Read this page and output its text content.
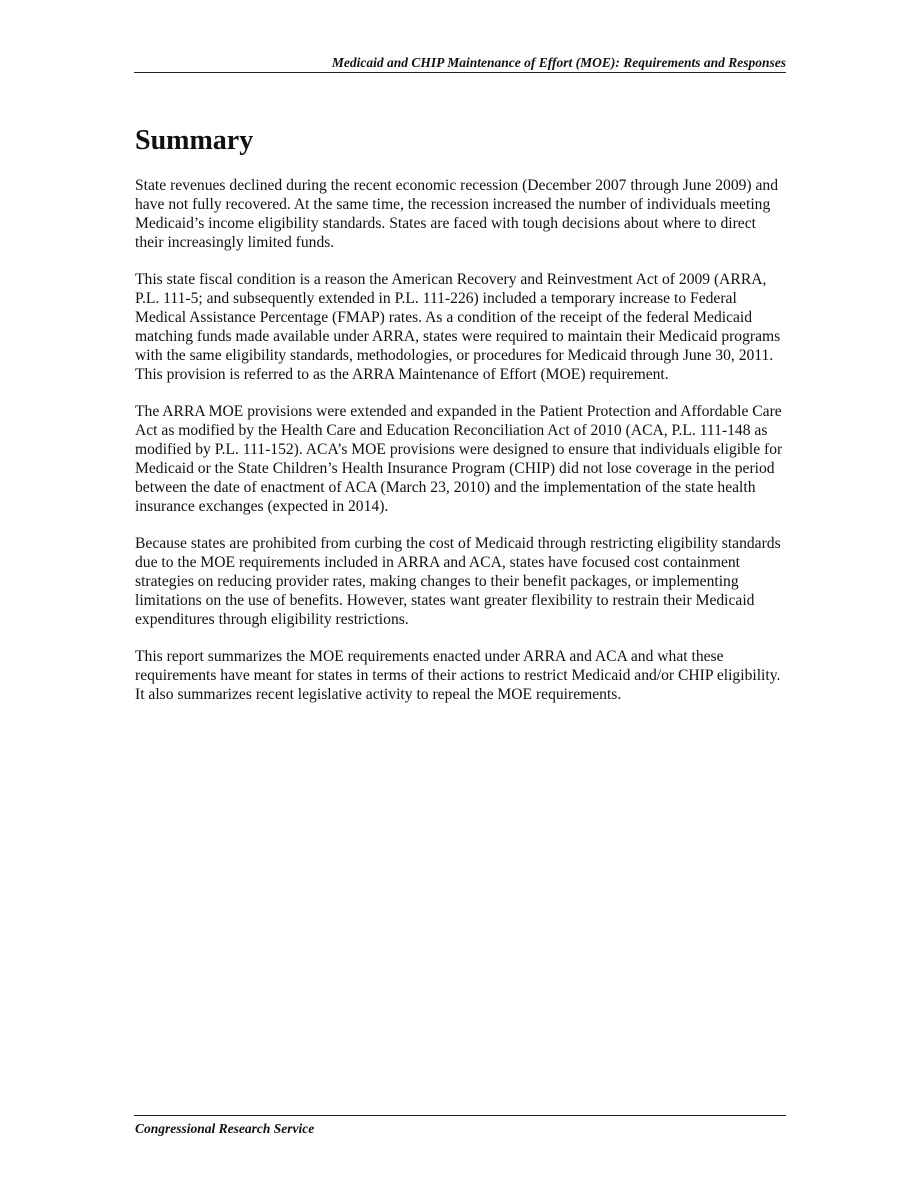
Medicaid and CHIP Maintenance of Effort (MOE): Requirements and Responses
Summary

State revenues declined during the recent economic recession (December 2007 through June 2009) and have not fully recovered. At the same time, the recession increased the number of individuals meeting Medicaid’s income eligibility standards. States are faced with tough decisions about where to direct their increasingly limited funds.

This state fiscal condition is a reason the American Recovery and Reinvestment Act of 2009 (ARRA, P.L. 111-5; and subsequently extended in P.L. 111-226) included a temporary increase to Federal Medical Assistance Percentage (FMAP) rates. As a condition of the receipt of the federal Medicaid matching funds made available under ARRA, states were required to maintain their Medicaid programs with the same eligibility standards, methodologies, or procedures for Medicaid through June 30, 2011. This provision is referred to as the ARRA Maintenance of Effort (MOE) requirement.

The ARRA MOE provisions were extended and expanded in the Patient Protection and Affordable Care Act as modified by the Health Care and Education Reconciliation Act of 2010 (ACA, P.L. 111-148 as modified by P.L. 111-152). ACA’s MOE provisions were designed to ensure that individuals eligible for Medicaid or the State Children’s Health Insurance Program (CHIP) did not lose coverage in the period between the date of enactment of ACA (March 23, 2010) and the implementation of the state health insurance exchanges (expected in 2014).

Because states are prohibited from curbing the cost of Medicaid through restricting eligibility standards due to the MOE requirements included in ARRA and ACA, states have focused cost containment strategies on reducing provider rates, making changes to their benefit packages, or implementing limitations on the use of benefits. However, states want greater flexibility to restrain their Medicaid expenditures through eligibility restrictions.

This report summarizes the MOE requirements enacted under ARRA and ACA and what these requirements have meant for states in terms of their actions to restrict Medicaid and/or CHIP eligibility. It also summarizes recent legislative activity to repeal the MOE requirements.

Congressional Research Service
